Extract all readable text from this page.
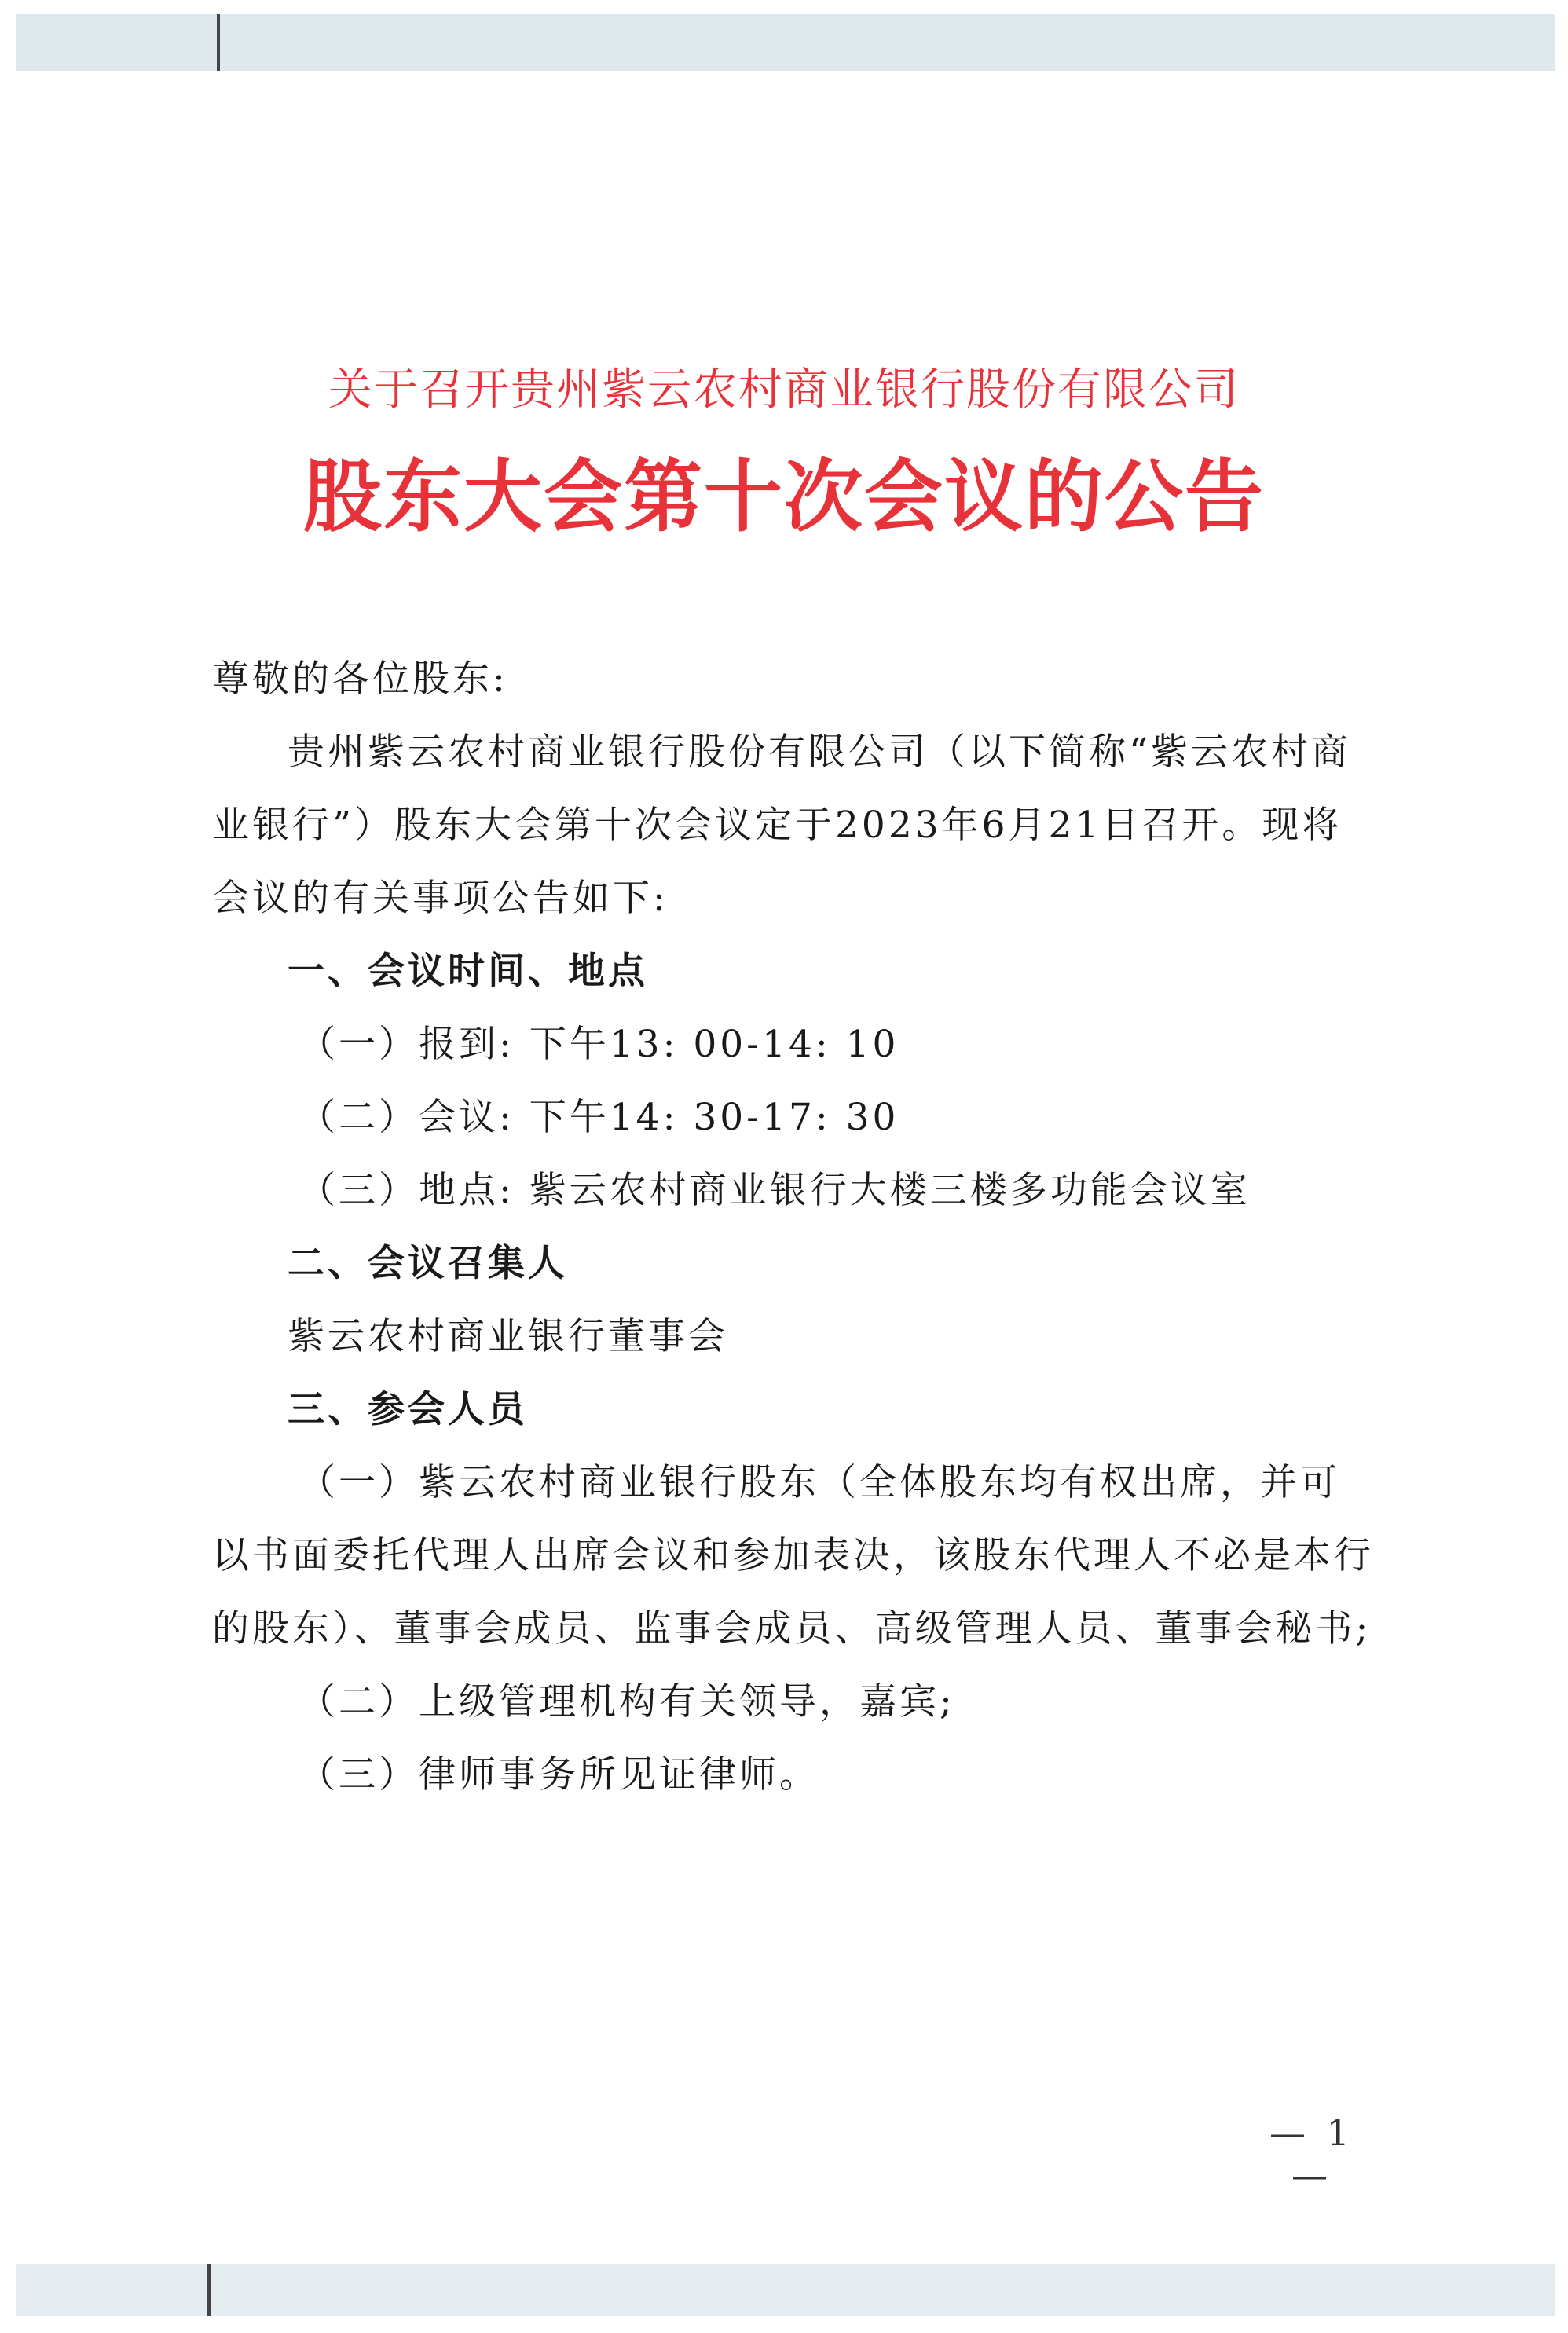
关于召开贵州紫云农村商业银行股份有限公司
股东大会第十次会议的公告

尊敬的各位股东:

贵州紫云农村商业银行股份有限公司（以下简称“紫云农村商业银行”）股东大会第十次会议定于2023年6月21日召开。现将会议的有关事项公告如下:

一、会议时间、地点

（一）报到: 下午13: 00-14: 10

（二）会议: 下午14: 30-17: 30

（三）地点: 紫云农村商业银行大楼三楼多功能会议室

二、会议召集人

紫云农村商业银行董事会

三、参会人员

（一）紫云农村商业银行股东（全体股东均有权出席，并可以书面委托代理人出席会议和参加表决，该股东代理人不必是本行的股东）、董事会成员、监事会成员、高级管理人员、董事会秘书;

（二）上级管理机构有关领导，嘉宾;

（三）律师事务所见证律师。

— 1 —
